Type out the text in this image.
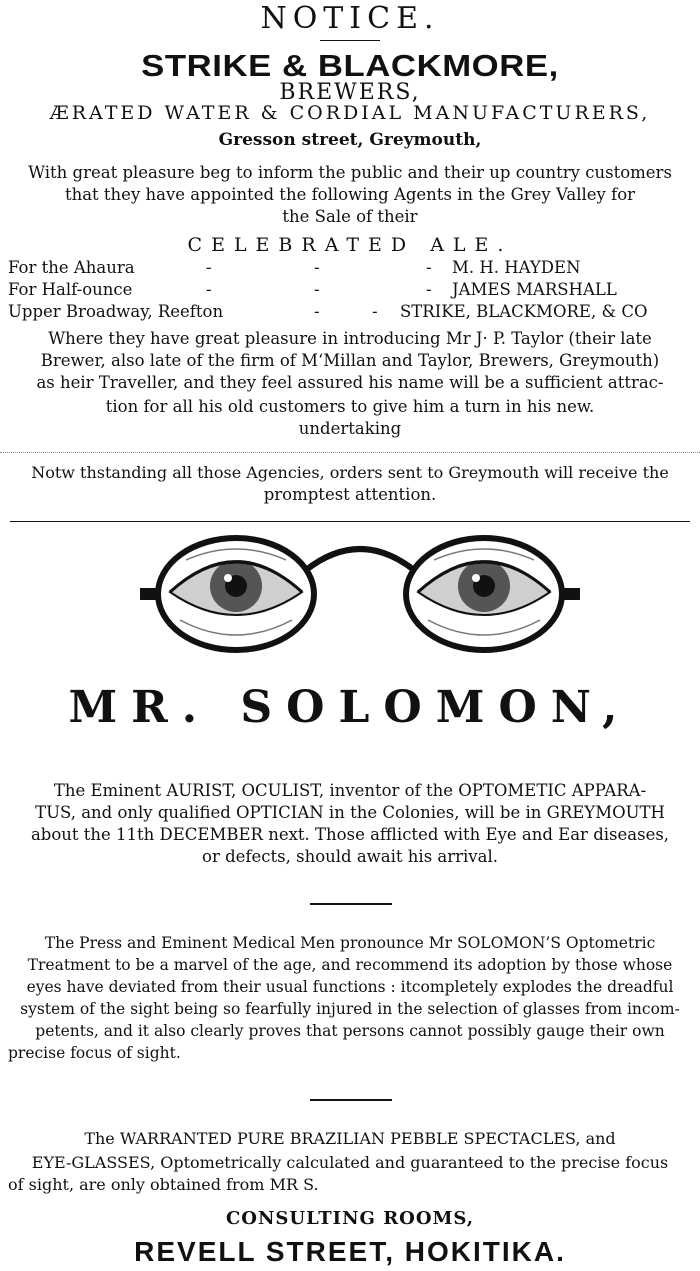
NOTICE.
STRIKE & BLACKMORE,
BREWERS,
ÆRATED WATER & CORDIAL MANUFACTURERS,
Gresson street, Greymouth,
With great pleasure beg to inform the public and their up country customers
that they have appointed the following Agents in the Grey Valley for
the Sale of their
CELEBRATED ALE.
For the Ahaura	-	-	- M. H. HAYDEN
For Half-ounce	-	-	- JAMES MARSHALL
Upper Broadway, Reefton	-	- STRIKE, BLACKMORE, & CO
Where they have great pleasure in introducing Mr J· P. Taylor (their late
Brewer, also late of the firm of M‘Millan and Taylor, Brewers, Greymouth)
as heir Traveller, and they feel assured his name will be a sufficient attrac-
tion for all his old customers to give him a turn in his new.
undertaking
Notw thstanding all those Agencies, orders sent to Greymouth will receive the
promptest attention.
MR. SOLOMON,
The Eminent AURIST, OCULIST, inventor of the OPTOMETIC APPARA-
TUS, and only qualified OPTICIAN in the Colonies, will be in GREYMOUTH
about the 11th DECEMBER next. Those afflicted with Eye and Ear diseases,
or defects, should await his arrival.
The Press and Eminent Medical Men pronounce Mr SOLOMON’S Optometric
Treatment to be a marvel of the age, and recommend its adoption by those whose
eyes have deviated from their usual functions : itcompletely explodes the dreadful
system of the sight being so fearfully injured in the selection of glasses from incom-
petents, and it also clearly proves that persons cannot possibly gauge their own
precise focus of sight.
The WARRANTED PURE BRAZILIAN PEBBLE SPECTACLES, and
EYE-GLASSES, Optometrically calculated and guaranteed to the precise focus
of sight, are only obtained from MR S.
CONSULTING ROOMS,
REVELL STREET, HOKITIKA.
